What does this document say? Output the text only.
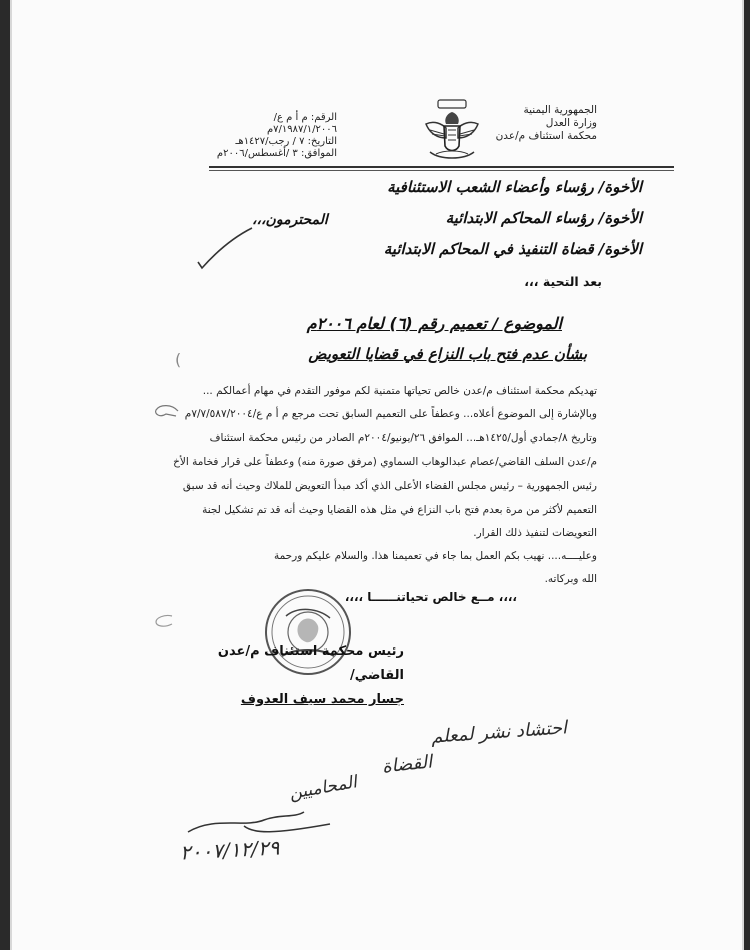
الجمهورية اليمنية
وزارة العدل
محكمة استئناف م/عدن
الرقم: م أ م ع/٧/١٩٨٧/١/٢٠٠٦م
التاريخ: ٧ / رجب/١٤٢٧هـ
الموافق: ٣ /أغسطس/٢٠٠٦م
الأخوة/ رؤساء وأعضاء الشعب الاستئنافية
الأخوة/ رؤساء المحاكم الابتدائية
الأخوة/ قضاة التنفيذ في المحاكم الابتدائية
المحترمون،،،
بعد التحية ،،،
الموضوع / تعميم رقم (٦) لعام ٢٠٠٦م
بشأن عدم فتح باب النزاع في قضايا التعويض
(
تهديكم محكمة استئناف م/عدن خالص تحياتها متمنية لكم موفور التقدم في مهام أعمالكم ...
وبالإشارة إلى الموضوع أعلاه... وعطفاً على التعميم السابق تحت مرجع م أ م ع/٧/٧/٥٨٧/٢٠٠٤م
وتاريخ ٨/جمادي أول/١٤٢٥هـ... الموافق ٢٦/يونيو/٢٠٠٤م الصادر من رئيس محكمة استئناف
م/عدن السلف القاضي/عصام عبدالوهاب السماوي (مرفق صورة منه) وعطفاً على قرار فخامة الأخ
رئيس الجمهورية – رئيس مجلس القضاء الأعلى الذي أكد مبدأ التعويض للملاك وحيث أنه قد سبق
التعميم لأكثر من مرة بعدم فتح باب النزاع في مثل هذه القضايا وحيث أنه قد تم تشكيل لجنة
التعويضات لتنفيذ ذلك القرار.
وعليــــه.... نهيب بكم العمل بما جاء في تعميمنا هذا. والسلام عليكم ورحمة
الله وبركاته.
،،،، مــع خالص تحياتنــــــا ،،،،
رئيس محكمة استئناف م/عدن
القاضي/
جسار محمد سيف العدوف
احتشاد نشر لمعلم
القضاة
المحاميين
٢٠٠٧/١٢/٢٩
